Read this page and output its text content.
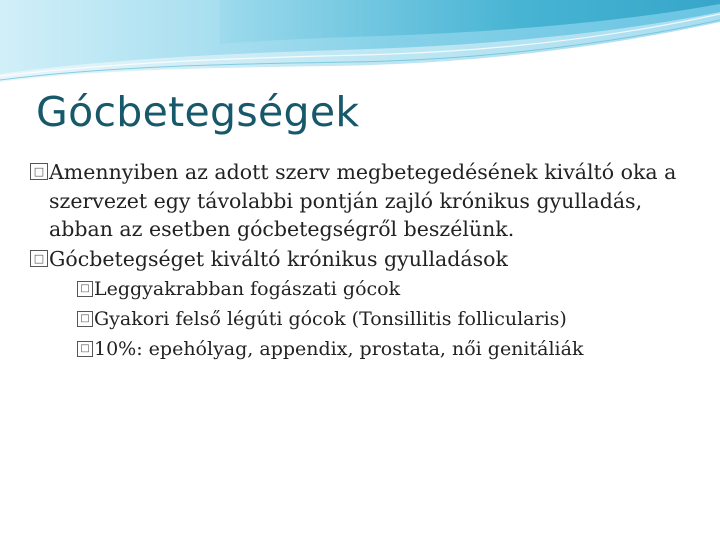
Gócbetegségek
□ Amennyiben az adott szerv megbetegedésének kiváltó oka a szervezet egy távolabbi pontján zajló krónikus gyulladás, abban az esetben gócbetegségről beszélünk.
□ Gócbetegséget kiváltó krónikus gyulladások
□ Leggyakrabban fogászati gócok
□ Gyakori felső légúti gócok (Tonsillitis follicularis)
□ 10%: epehólyag, appendix, prostata, női genitáliák
